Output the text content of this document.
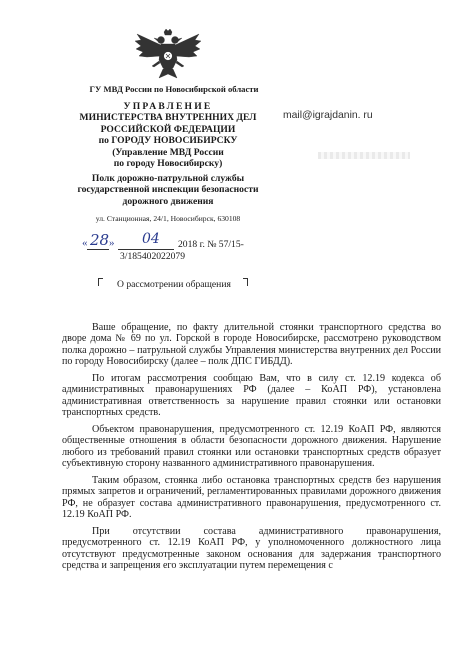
ГУ МВД России по Новосибирской области
УПРАВЛЕНИЕ
МИНИСТЕРСТВА ВНУТРЕННИХ ДЕЛ
РОССИЙСКОЙ ФЕДЕРАЦИИ
по ГОРОДУ НОВОСИБИРСКУ
(Управление МВД России
по городу Новосибирску)
Полк дорожно-патрульной службы
государственной инспекции безопасности
дорожного движения
ул. Станционная, 24/1, Новосибирск, 630108
mail@igrajdanin. ru
« 28 » 04 2018 г. № 57/15-
3/185402022079
О рассмотрении обращения

Ваше обращение, по факту длительной стоянки транспортного средства во дворе дома № 69 по ул. Горской в городе Новосибирске, рассмотрено руководством полка дорожно – патрульной службы Управления министерства внутренних дел России по городу Новосибирску (далее – полк ДПС ГИБДД).

По итогам рассмотрения сообщаю Вам, что в силу ст. 12.19 кодекса об административных правонарушениях РФ (далее – КоАП РФ), установлена административная ответственность за нарушение правил стоянки или остановки транспортных средств.

Объектом правонарушения, предусмотренного ст. 12.19 КоАП РФ, являются общественные отношения в области безопасности дорожного движения. Нарушение любого из требований правил стоянки или остановки транспортных средств образует субъективную сторону названного административного правонарушения.

Таким образом, стоянка либо остановка транспортных средств без нарушения прямых запретов и ограничений, регламентированных правилами дорожного движения РФ, не образует состава административного правонарушения, предусмотренного ст. 12.19 КоАП РФ.

При отсутствии состава административного правонарушения, предусмотренного ст. 12.19 КоАП РФ, у уполномоченного должностного лица отсутствуют предусмотренные законом основания для задержания транспортного средства и запрещения его эксплуатации путем перемещения с
